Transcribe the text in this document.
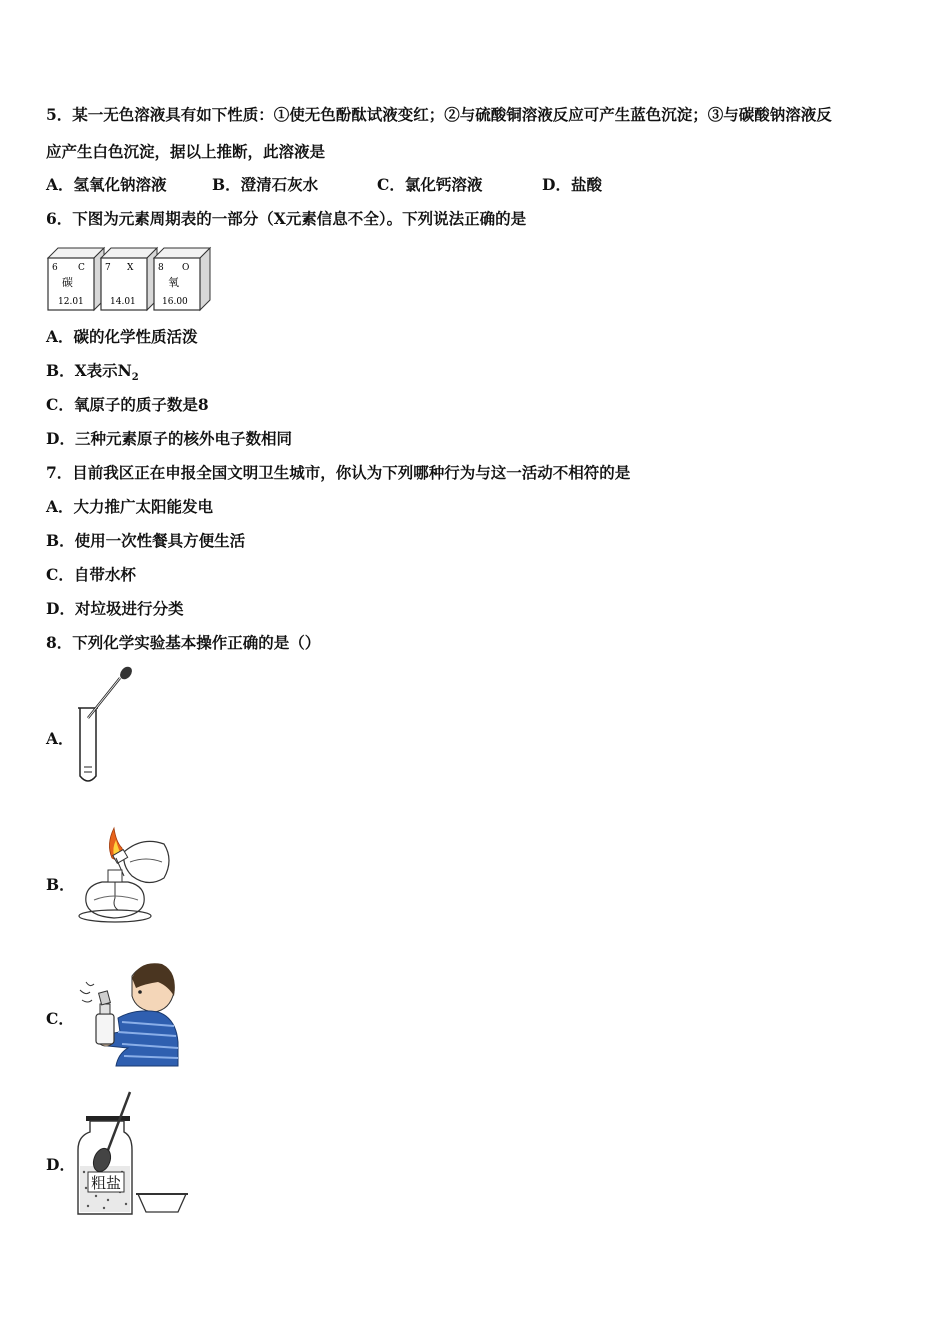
5．某一无色溶液具有如下性质：①使无色酚酞试液变红；②与硫酸铜溶液反应可产生蓝色沉淀；③与碳酸钠溶液反
应产生白色沉淀，据以上推断，此溶液是
A．氢氧化钠溶液	B．澄清石灰水	C．氯化钙溶液	D．盐酸
6．下图为元素周期表的一部分（X元素信息不全）。下列说法正确的是
6 C
碳
12.01
7 X
14.01
8 O
氧
16.00
A．碳的化学性质活泼
B．X表示$N_2$
C．氧原子的质子数是8
D．三种元素原子的核外电子数相同
7．目前我区正在申报全国文明卫生城市，你认为下列哪种行为与这一活动不相符的是
A．大力推广太阳能发电
B．使用一次性餐具方便生活
C．自带水杯
D．对垃圾进行分类
8．下列化学实验基本操作正确的是（）
A．
B．
C．
D．
粗盐
